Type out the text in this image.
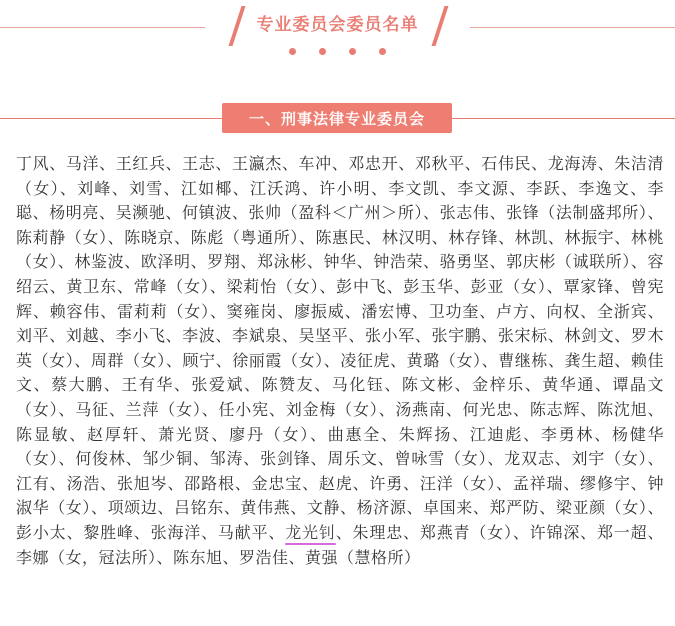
专业委员会委员名单

一、刑事法律专业委员会
丁风、马洋、王红兵、王志、王瀛杰、车冲、邓忠开、邓秋平、石伟民、龙海涛、朱洁清（女）、刘峰、刘雪、江如椰、江沃鸿、许小明、李文凯、李文源、李跃、李逸文、李聪、杨明亮、吴濒驰、何镇波、张帅（盈科＜广州＞所）、张志伟、张锋（法制盛邦所）、陈莉静（女）、陈晓京、陈彪（粤通所）、陈惠民、林汉明、林存锋、林凯、林振宇、林桃（女）、林鉴波、欧泽明、罗翔、郑泳彬、钟华、钟浩荣、骆勇坚、郭庆彬（诚联所）、容绍云、黄卫东、常峰（女）、梁莉怡（女）、彭中飞、彭玉华、彭亚（女）、覃家锋、曾宪辉、赖容伟、雷莉莉（女）、窦雍岗、廖振威、潘宏博、卫功奎、卢方、向权、全浙宾、刘平、刘越、李小飞、李波、李斌泉、吴坚平、张小军、张宇鹏、张宋标、林剑文、罗木英（女）、周群（女）、顾宁、徐丽霞（女）、凌征虎、黄璐（女）、曹继栋、龚生超、赖佳文、蔡大鹏、王有华、张爱斌、陈赞友、马化钰、陈文彬、金梓乐、黄华通、谭晶文（女）、马征、兰萍（女）、任小宪、刘金梅（女）、汤燕南、何光忠、陈志辉、陈沈旭、陈显敏、赵厚轩、萧光贤、廖丹（女）、曲惠全、朱辉扬、江迪彪、李勇林、杨健华（女）、何俊林、邹少铜、邹涛、张剑锋、周乐文、曾咏雪（女）、龙双志、刘宇（女）、江有、汤浩、张旭岑、邵路根、金忠宝、赵虎、许勇、汪洋（女）、孟祥瑞、缪修宇、钟淑华（女）、项颂边、吕铭东、黄伟燕、文静、杨济源、卓国来、郑严防、梁亚颜（女）、彭小太、黎胜峰、张海洋、马献平、龙光钊、朱理忠、郑燕青（女）、许锦深、郑一超、李娜（女，冠法所）、陈东旭、罗浩佳、黄强（慧格所）
